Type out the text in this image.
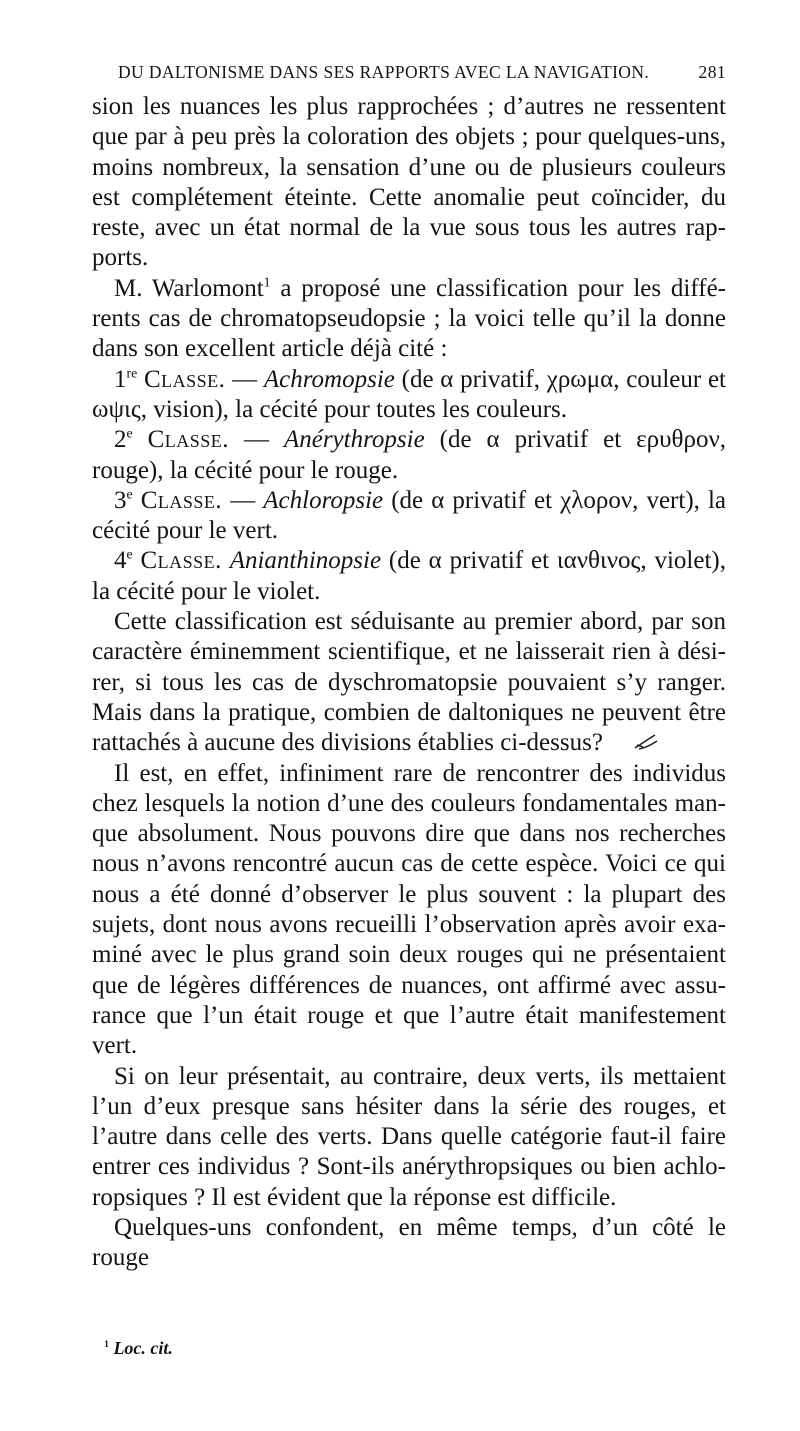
DU DALTONISME DANS SES RAPPORTS AVEC LA NAVIGATION.	281

sion les nuances les plus rapprochées ; d’autres ne ressentent que par à peu près la coloration des objets ; pour quelques-uns, moins nombreux, la sensation d’une ou de plusieurs couleurs est complétement éteinte. Cette anomalie peut coïncider, du reste, avec un état normal de la vue sous tous les autres rapports.

M. Warlomont$^1$ a proposé une classification pour les différents cas de chromatopseudopsie ; la voici telle qu’il la donne dans son excellent article déjà cité :

1re Classe. — Achromopsie (de α privatif, χρωμα, couleur et ωψις, vision), la cécité pour toutes les couleurs.

2e Classe. — Anérythropsie (de α privatif et ερυθρον, rouge), la cécité pour le rouge.

3e Classe. — Achloropsie (de α privatif et χλορον, vert), la cécité pour le vert.

4e Classe. Anianthinopsie (de α privatif et ιανθινος, violet), la cécité pour le violet.

Cette classification est séduisante au premier abord, par son caractère éminemment scientifique, et ne laisserait rien à désirer, si tous les cas de dyschromatopsie pouvaient s’y ranger. Mais dans la pratique, combien de daltoniques ne peuvent être rattachés à aucune des divisions établies ci-dessus?

Il est, en effet, infiniment rare de rencontrer des individus chez lesquels la notion d’une des couleurs fondamentales manque absolument. Nous pouvons dire que dans nos recherches nous n’avons rencontré aucun cas de cette espèce. Voici ce qui nous a été donné d’observer le plus souvent : la plupart des sujets, dont nous avons recueilli l’observation après avoir examiné avec le plus grand soin deux rouges qui ne présentaient que de légères différences de nuances, ont affirmé avec assurance que l’un était rouge et que l’autre était manifestement vert.

Si on leur présentait, au contraire, deux verts, ils mettaient l’un d’eux presque sans hésiter dans la série des rouges, et l’autre dans celle des verts. Dans quelle catégorie faut-il faire entrer ces individus ? Sont-ils anérythropsiques ou bien achloropsiques ? Il est évident que la réponse est difficile.

Quelques-uns confondent, en même temps, d’un côté le rouge

$^1$ Loc. cit.
